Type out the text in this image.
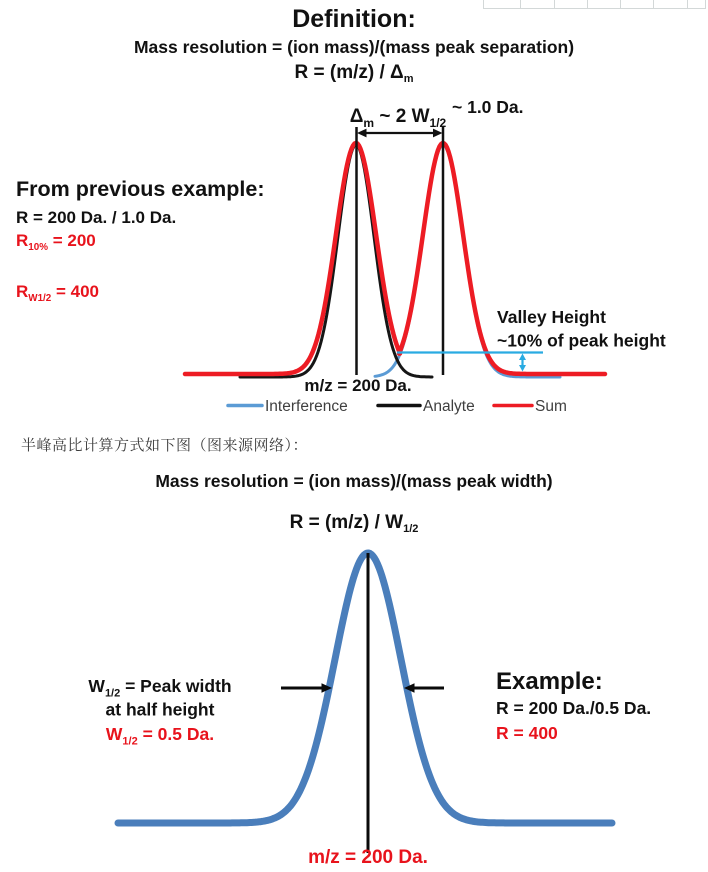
Definition:
Mass resolution = (ion mass)/(mass peak separation)
$R = (m/z) / \Delta_m$
From previous example:
R = 200 Da. / 1.0 Da.
$R_{10\%} = 200$
$R_{W1/2} = 400$
$\Delta_m$ ~ 2 $W_{1/2}$
~ 1.0 Da.
Valley Height
~10% of peak height
m/z = 200 Da.
Interference	Analyte	Sum
半峰高比计算方式如下图（图来源网络）：
Mass resolution = (ion mass)/(mass peak width)
$R = (m/z) / W_{1/2}$
$W_{1/2}$ = Peak width
at half height
$W_{1/2} = 0.5$ Da.
Example:
R = 200 Da./0.5 Da.
R = 400
m/z = 200 Da.
